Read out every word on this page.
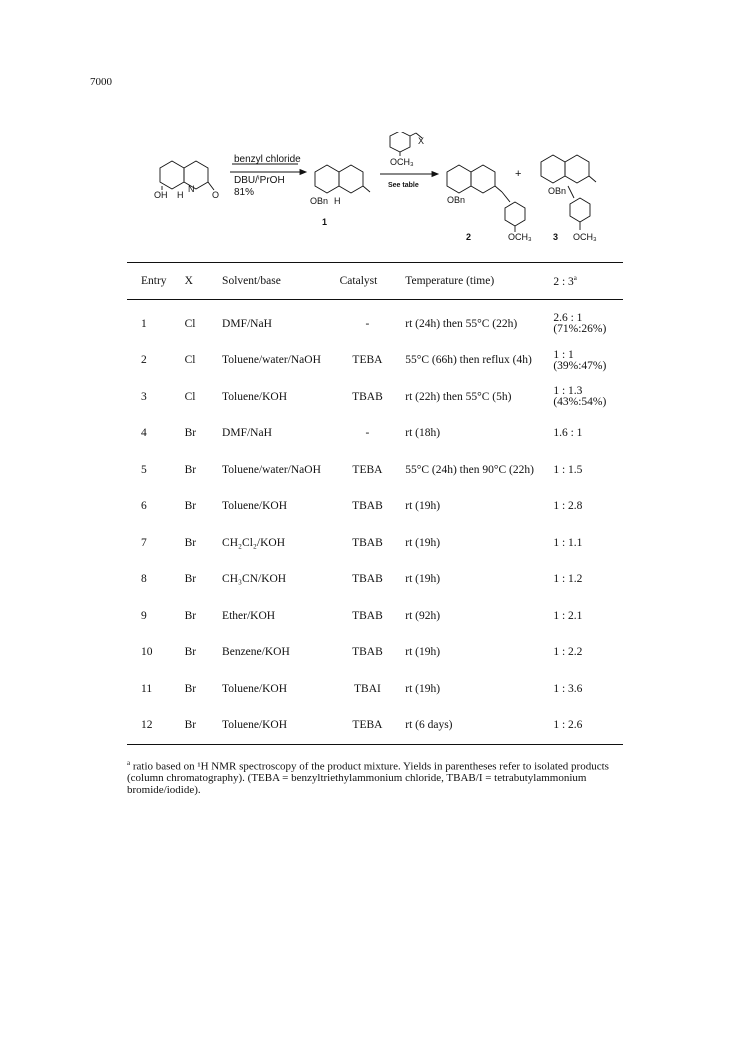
7000
OH H
N
O
benzyl chloride
DBU/ⁱPrOH
81%
OBn H
1
X
OCH₃
See table
OBn
+
2	OCH₃
OBn
3 OCH₃
Entry	X	Solvent/base	Catalyst	Temperature (time)	2 : 3$^a$
1	Cl	DMF/NaH	-	rt (24h) then 55°C (22h)	2.6 : 1
(71%:26%)

2	Cl	Toluene/water/NaOH	TEBA	55°C (66h) then reflux (4h)	1 : 1
(39%:47%)

3	Cl	Toluene/KOH	TBAB	rt (22h) then 55°C (5h)	1 : 1.3
(43%:54%)

4	Br	DMF/NaH	-	rt (18h)	1.6 : 1

5	Br	Toluene/water/NaOH	TEBA	55°C (24h) then 90°C (22h)	1 : 1.5

6	Br	Toluene/KOH	TBAB	rt (19h)	1 : 2.8

7	Br	CH₂Cl₂/KOH	TBAB	rt (19h)	1 : 1.1

8	Br	CH₃CN/KOH	TBAB	rt (19h)	1 : 1.2

9	Br	Ether/KOH	TBAB	rt (92h)	1 : 2.1

10	Br	Benzene/KOH	TBAB	rt (19h)	1 : 2.2

11	Br	Toluene/KOH	TBAI	rt (19h)	1 : 3.6

12	Br	Toluene/KOH	TEBA	rt (6 days)	1 : 2.6
$^a$ ratio based on ¹H NMR spectroscopy of the product mixture. Yields in parentheses refer to isolated products (column chromatography). (TEBA = benzyltriethylammonium chloride, TBAB/I = tetrabutylammonium bromide/iodide).
